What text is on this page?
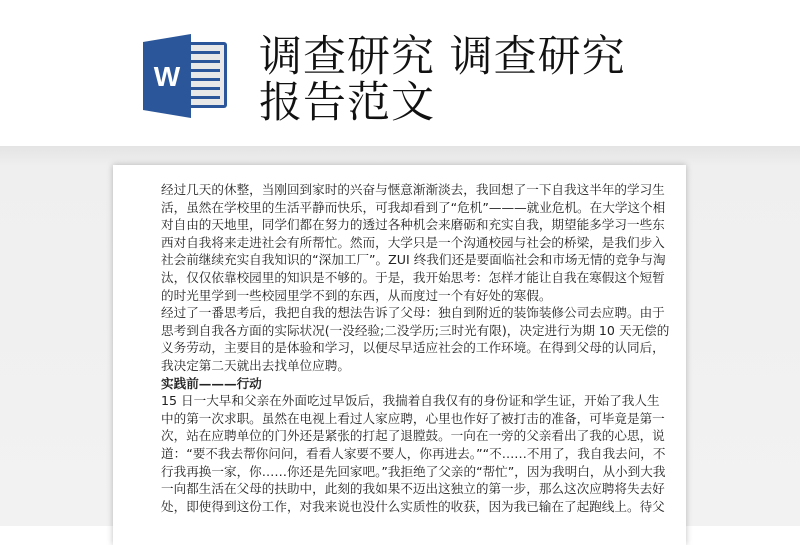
W 调查研究 调查研究
报告范文
经过几天的休整，当刚回到家时的兴奋与惬意渐渐淡去，我回想了一下自我这半年的学习生
活，虽然在学校里的生活平静而快乐，可我却看到了“危机”———就业危机。在大学这个相
对自由的天地里，同学们都在努力的透过各种机会来磨砺和充实自我，期望能多学习一些东
西对自我将来走进社会有所帮忙。然而，大学只是一个沟通校园与社会的桥梁，是我们步入
社会前继续充实自我知识的“深加工厂”。ZUI 终我们还是要面临社会和市场无情的竞争与淘
汰，仅仅依靠校园里的知识是不够的。于是，我开始思考：怎样才能让自我在寒假这个短暂
的时光里学到一些校园里学不到的东西，从而度过一个有好处的寒假。
经过了一番思考后，我把自我的想法告诉了父母：独自到附近的装饰装修公司去应聘。由于
思考到自我各方面的实际状况(一没经验;二没学历;三时光有限)，决定进行为期 10 天无偿的
义务劳动，主要目的是体验和学习，以便尽早适应社会的工作环境。在得到父母的认同后，
我决定第二天就出去找单位应聘。
实践前———行动
15 日一大早和父亲在外面吃过早饭后，我揣着自我仅有的身份证和学生证，开始了我人生
中的第一次求职。虽然在电视上看过人家应聘，心里也作好了被打击的准备，可毕竟是第一
次，站在应聘单位的门外还是紧张的打起了退膛鼓。一向在一旁的父亲看出了我的心思，说
道：“要不我去帮你问问，看看人家要不要人，你再进去。”“不……不用了，我自我去问，不
行我再换一家，你……你还是先回家吧。”我拒绝了父亲的“帮忙”，因为我明白，从小到大我
一向都生活在父母的扶助中，此刻的我如果不迈出这独立的第一步，那么这次应聘将失去好
处，即使得到这份工作，对我来说也没什么实质性的收获，因为我已输在了起跑线上。待父
